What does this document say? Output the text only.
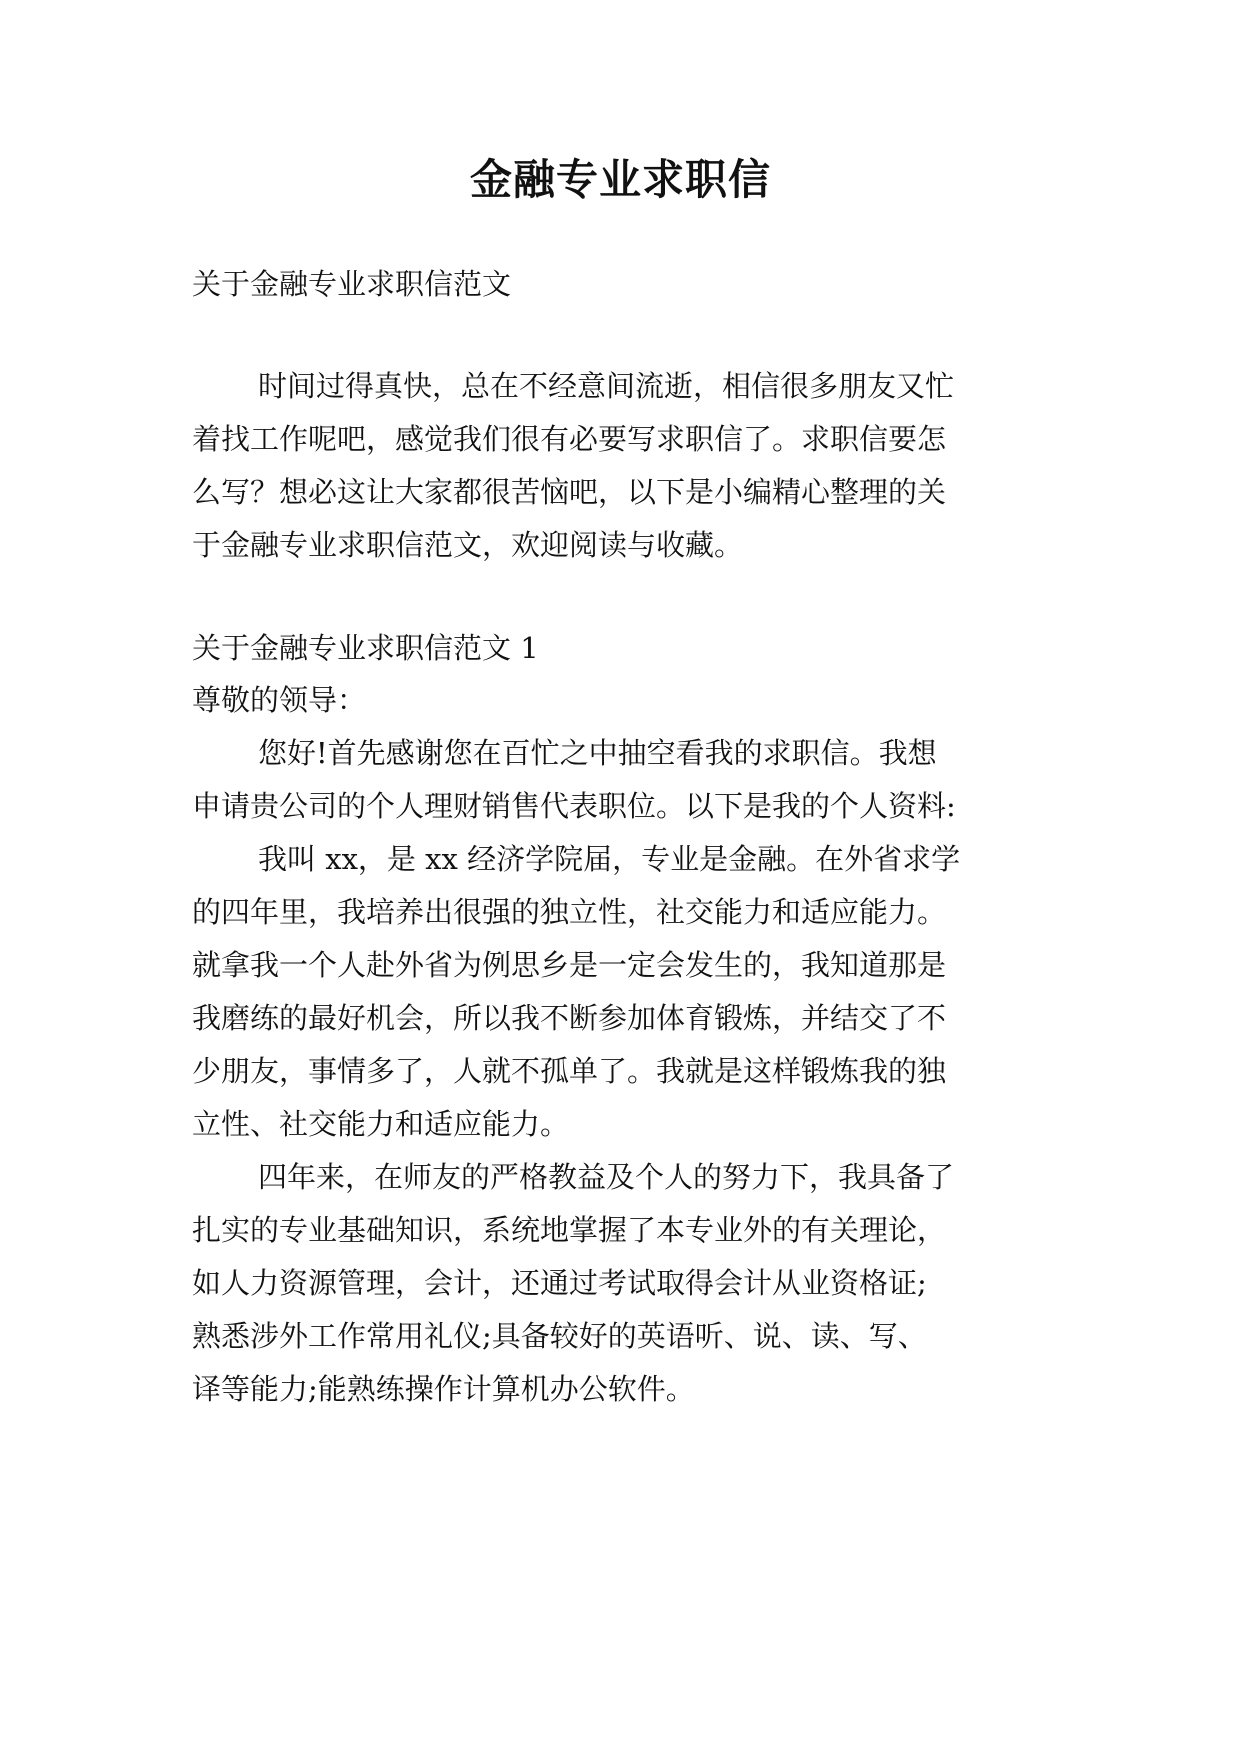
金融专业求职信
关于金融专业求职信范文
时间过得真快，总在不经意间流逝，相信很多朋友又忙
着找工作呢吧，感觉我们很有必要写求职信了。求职信要怎
么写？想必这让大家都很苦恼吧，以下是小编精心整理的关
于金融专业求职信范文，欢迎阅读与收藏。
关于金融专业求职信范文 1
尊敬的领导：
您好!首先感谢您在百忙之中抽空看我的求职信。我想
申请贵公司的个人理财销售代表职位。以下是我的个人资料:
我叫 xx，是 xx 经济学院届，专业是金融。在外省求学
的四年里，我培养出很强的独立性，社交能力和适应能力。
就拿我一个人赴外省为例思乡是一定会发生的，我知道那是
我磨练的最好机会，所以我不断参加体育锻炼，并结交了不
少朋友，事情多了，人就不孤单了。我就是这样锻炼我的独
立性、社交能力和适应能力。
四年来，在师友的严格教益及个人的努力下，我具备了
扎实的专业基础知识，系统地掌握了本专业外的有关理论，
如人力资源管理，会计，还通过考试取得会计从业资格证;
熟悉涉外工作常用礼仪;具备较好的英语听、说、读、写、
译等能力;能熟练操作计算机办公软件。
